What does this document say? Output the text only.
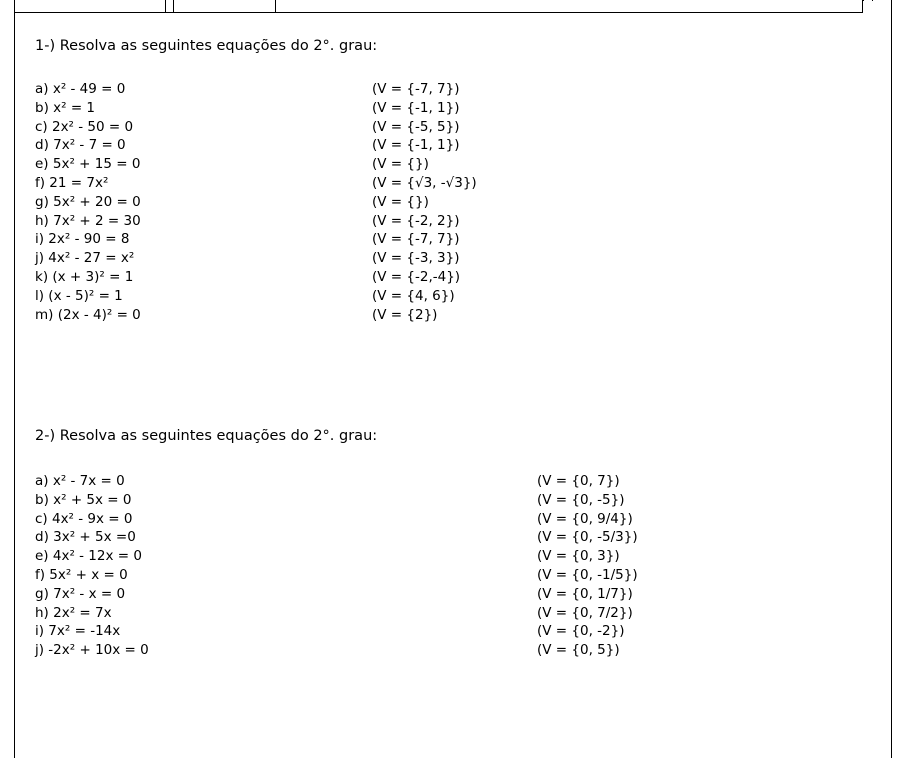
1-) Resolva as seguintes equações do 2°. grau:
a) x² - 49 = 0	(V = {-7, 7})
b) x² = 1	(V = {-1, 1})
c) 2x² - 50 = 0	(V = {-5, 5})
d) 7x² - 7 = 0	(V = {-1, 1})
e) 5x² + 15 = 0	(V = {})
f) 21 = 7x²	(V = {√3, -√3})
g) 5x² + 20 = 0	(V = {})
h) 7x² + 2 = 30	(V = {-2, 2})
i) 2x² - 90 = 8	(V = {-7, 7})
j) 4x² - 27 = x²	(V = {-3, 3})
k) (x + 3)² = 1	(V = {-2,-4})
l) (x - 5)² = 1	(V = {4, 6})
m) (2x - 4)² = 0	(V = {2})
2-) Resolva as seguintes equações do 2°. grau:
a) x² - 7x = 0	(V = {0, 7})
b) x² + 5x = 0	(V = {0, -5})
c) 4x² - 9x = 0	(V = {0, 9/4})
d) 3x² + 5x =0	(V = {0, -5/3})
e) 4x² - 12x = 0	(V = {0, 3})
f) 5x² + x = 0	(V = {0, -1/5})
g) 7x² - x = 0	(V = {0, 1/7})
h) 2x² = 7x	(V = {0, 7/2})
i) 7x² = -14x	(V = {0, -2})
j) -2x² + 10x = 0	(V = {0, 5})
